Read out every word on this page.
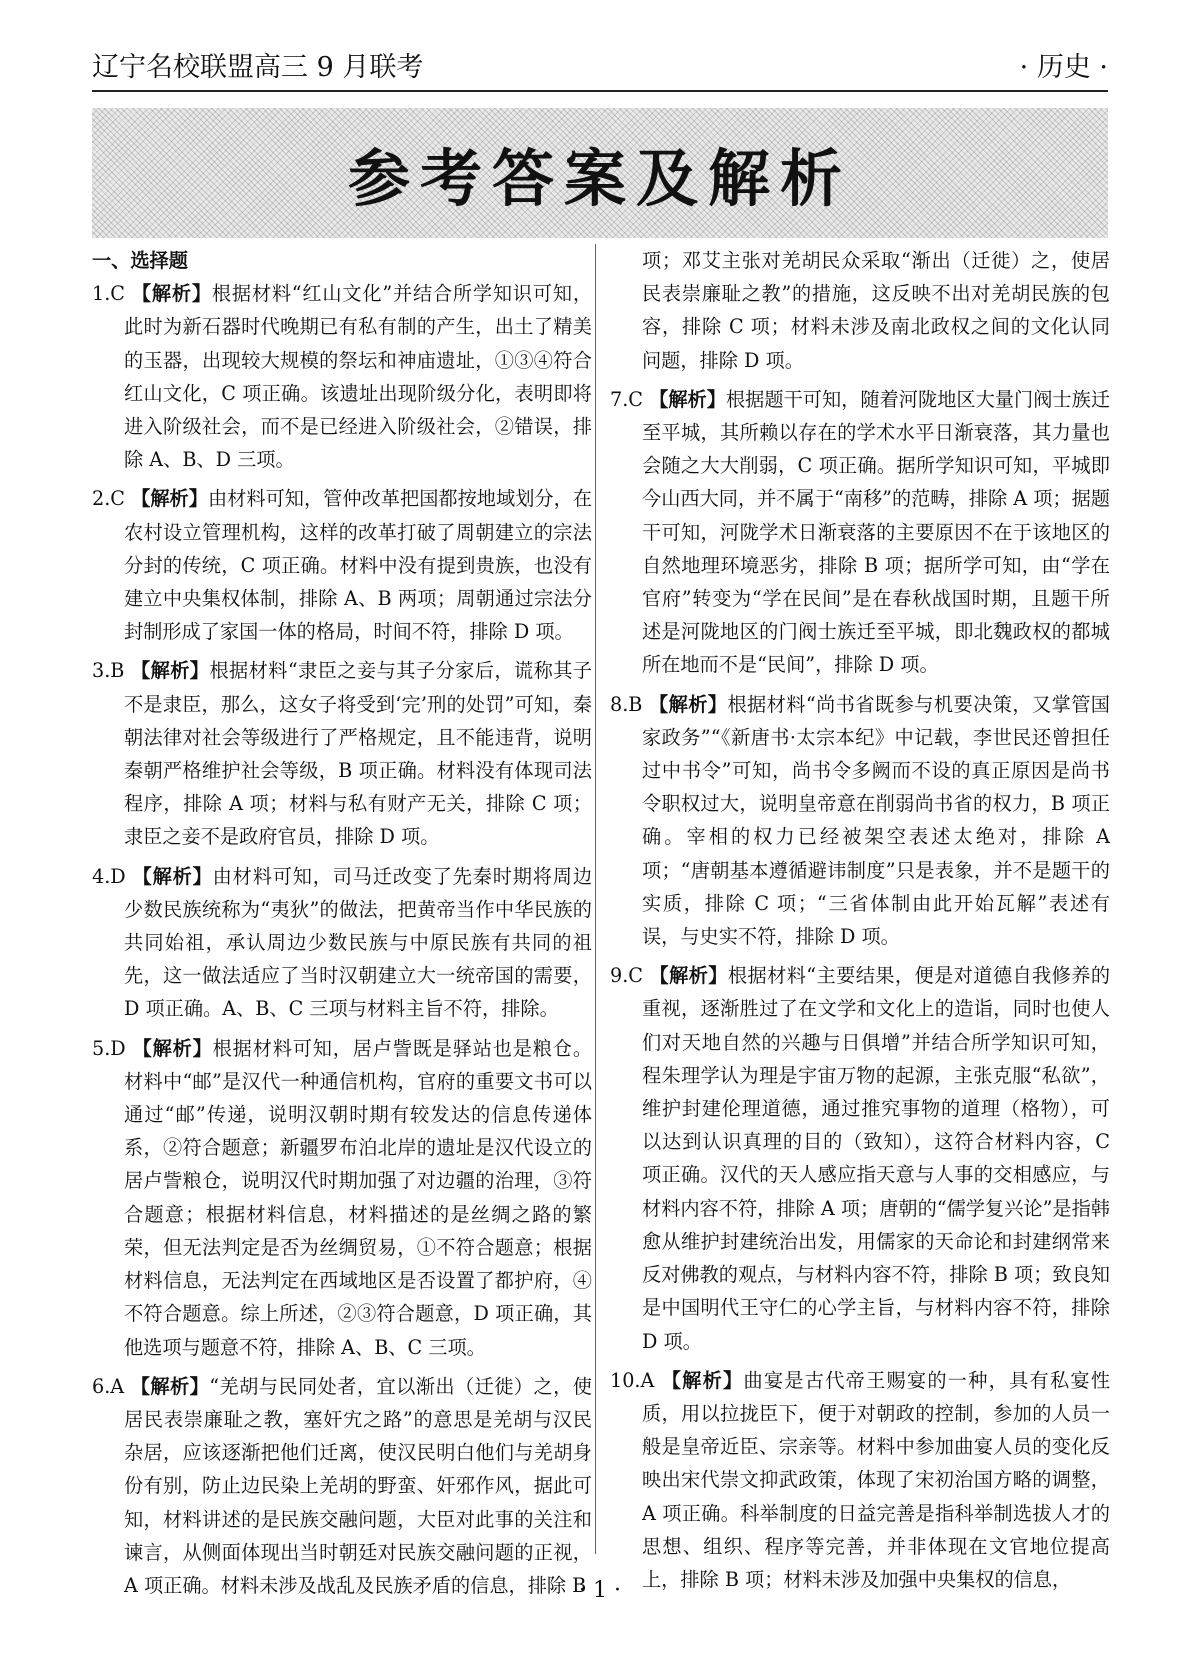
辽宁名校联盟高三 9 月联考	· 历史 ·
参考答案及解析

一、选择题

1.C 【解析】根据材料“红山文化”并结合所学知识可知，此时为新石器时代晚期已有私有制的产生，出土了精美的玉器，出现较大规模的祭坛和神庙遗址，①③④符合红山文化，C 项正确。该遗址出现阶级分化，表明即将进入阶级社会，而不是已经进入阶级社会，②错误，排除 A、B、D 三项。

2.C 【解析】由材料可知，管仲改革把国都按地域划分，在农村设立管理机构，这样的改革打破了周朝建立的宗法分封的传统，C 项正确。材料中没有提到贵族，也没有建立中央集权体制，排除 A、B 两项；周朝通过宗法分封制形成了家国一体的格局，时间不符，排除 D 项。

3.B 【解析】根据材料“隶臣之妾与其子分家后，谎称其子不是隶臣，那么，这女子将受到‘完’刑的处罚”可知，秦朝法律对社会等级进行了严格规定，且不能违背，说明秦朝严格维护社会等级，B 项正确。材料没有体现司法程序，排除 A 项；材料与私有财产无关，排除 C 项；隶臣之妾不是政府官员，排除 D 项。

4.D 【解析】由材料可知，司马迁改变了先秦时期将周边少数民族统称为“夷狄”的做法，把黄帝当作中华民族的共同始祖，承认周边少数民族与中原民族有共同的祖先，这一做法适应了当时汉朝建立大一统帝国的需要，D 项正确。A、B、C 三项与材料主旨不符，排除。

5.D 【解析】根据材料可知，居卢訾既是驿站也是粮仓。材料中“邮”是汉代一种通信机构，官府的重要文书可以通过“邮”传递，说明汉朝时期有较发达的信息传递体系，②符合题意；新疆罗布泊北岸的遗址是汉代设立的居卢訾粮仓，说明汉代时期加强了对边疆的治理，③符合题意；根据材料信息，材料描述的是丝绸之路的繁荣，但无法判定是否为丝绸贸易，①不符合题意；根据材料信息，无法判定在西域地区是否设置了都护府，④不符合题意。综上所述，②③符合题意，D 项正确，其他选项与题意不符，排除 A、B、C 三项。

6.A 【解析】“羌胡与民同处者，宜以渐出（迁徙）之，使居民表崇廉耻之教，塞奸宄之路”的意思是羌胡与汉民杂居，应该逐渐把他们迁离，使汉民明白他们与羌胡身份有别，防止边民染上羌胡的野蛮、奸邪作风，据此可知，材料讲述的是民族交融问题，大臣对此事的关注和谏言，从侧面体现出当时朝廷对民族交融问题的正视，A 项正确。材料未涉及战乱及民族矛盾的信息，排除 B

项；邓艾主张对羌胡民众采取“渐出（迁徙）之，使居民表崇廉耻之教”的措施，这反映不出对羌胡民族的包容，排除 C 项；材料未涉及南北政权之间的文化认同问题，排除 D 项。

7.C 【解析】根据题干可知，随着河陇地区大量门阀士族迁至平城，其所赖以存在的学术水平日渐衰落，其力量也会随之大大削弱，C 项正确。据所学知识可知，平城即今山西大同，并不属于“南移”的范畴，排除 A 项；据题干可知，河陇学术日渐衰落的主要原因不在于该地区的自然地理环境恶劣，排除 B 项；据所学可知，由“学在官府”转变为“学在民间”是在春秋战国时期，且题干所述是河陇地区的门阀士族迁至平城，即北魏政权的都城所在地而不是“民间”，排除 D 项。

8.B 【解析】根据材料“尚书省既参与机要决策，又掌管国家政务”“《新唐书·太宗本纪》中记载，李世民还曾担任过中书令”可知，尚书令多阙而不设的真正原因是尚书令职权过大，说明皇帝意在削弱尚书省的权力，B 项正确。宰相的权力已经被架空表述太绝对，排除 A 项；“唐朝基本遵循避讳制度”只是表象，并不是题干的实质，排除 C 项；“三省体制由此开始瓦解”表述有误，与史实不符，排除 D 项。

9.C 【解析】根据材料“主要结果，便是对道德自我修养的重视，逐渐胜过了在文学和文化上的造诣，同时也使人们对天地自然的兴趣与日俱增”并结合所学知识可知，程朱理学认为理是宇宙万物的起源，主张克服“私欲”，维护封建伦理道德，通过推究事物的道理（格物），可以达到认识真理的目的（致知），这符合材料内容，C 项正确。汉代的天人感应指天意与人事的交相感应，与材料内容不符，排除 A 项；唐朝的“儒学复兴论”是指韩愈从维护封建统治出发，用儒家的天命论和封建纲常来反对佛教的观点，与材料内容不符，排除 B 项；致良知是中国明代王守仁的心学主旨，与材料内容不符，排除 D 项。

10.A 【解析】曲宴是古代帝王赐宴的一种，具有私宴性质，用以拉拢臣下，便于对朝政的控制，参加的人员一般是皇帝近臣、宗亲等。材料中参加曲宴人员的变化反映出宋代崇文抑武政策，体现了宋初治国方略的调整，A 项正确。科举制度的日益完善是指科举制选拔人才的思想、组织、程序等完善，并非体现在文官地位提高上，排除 B 项；材料未涉及加强中央集权的信息，

· 1 ·
